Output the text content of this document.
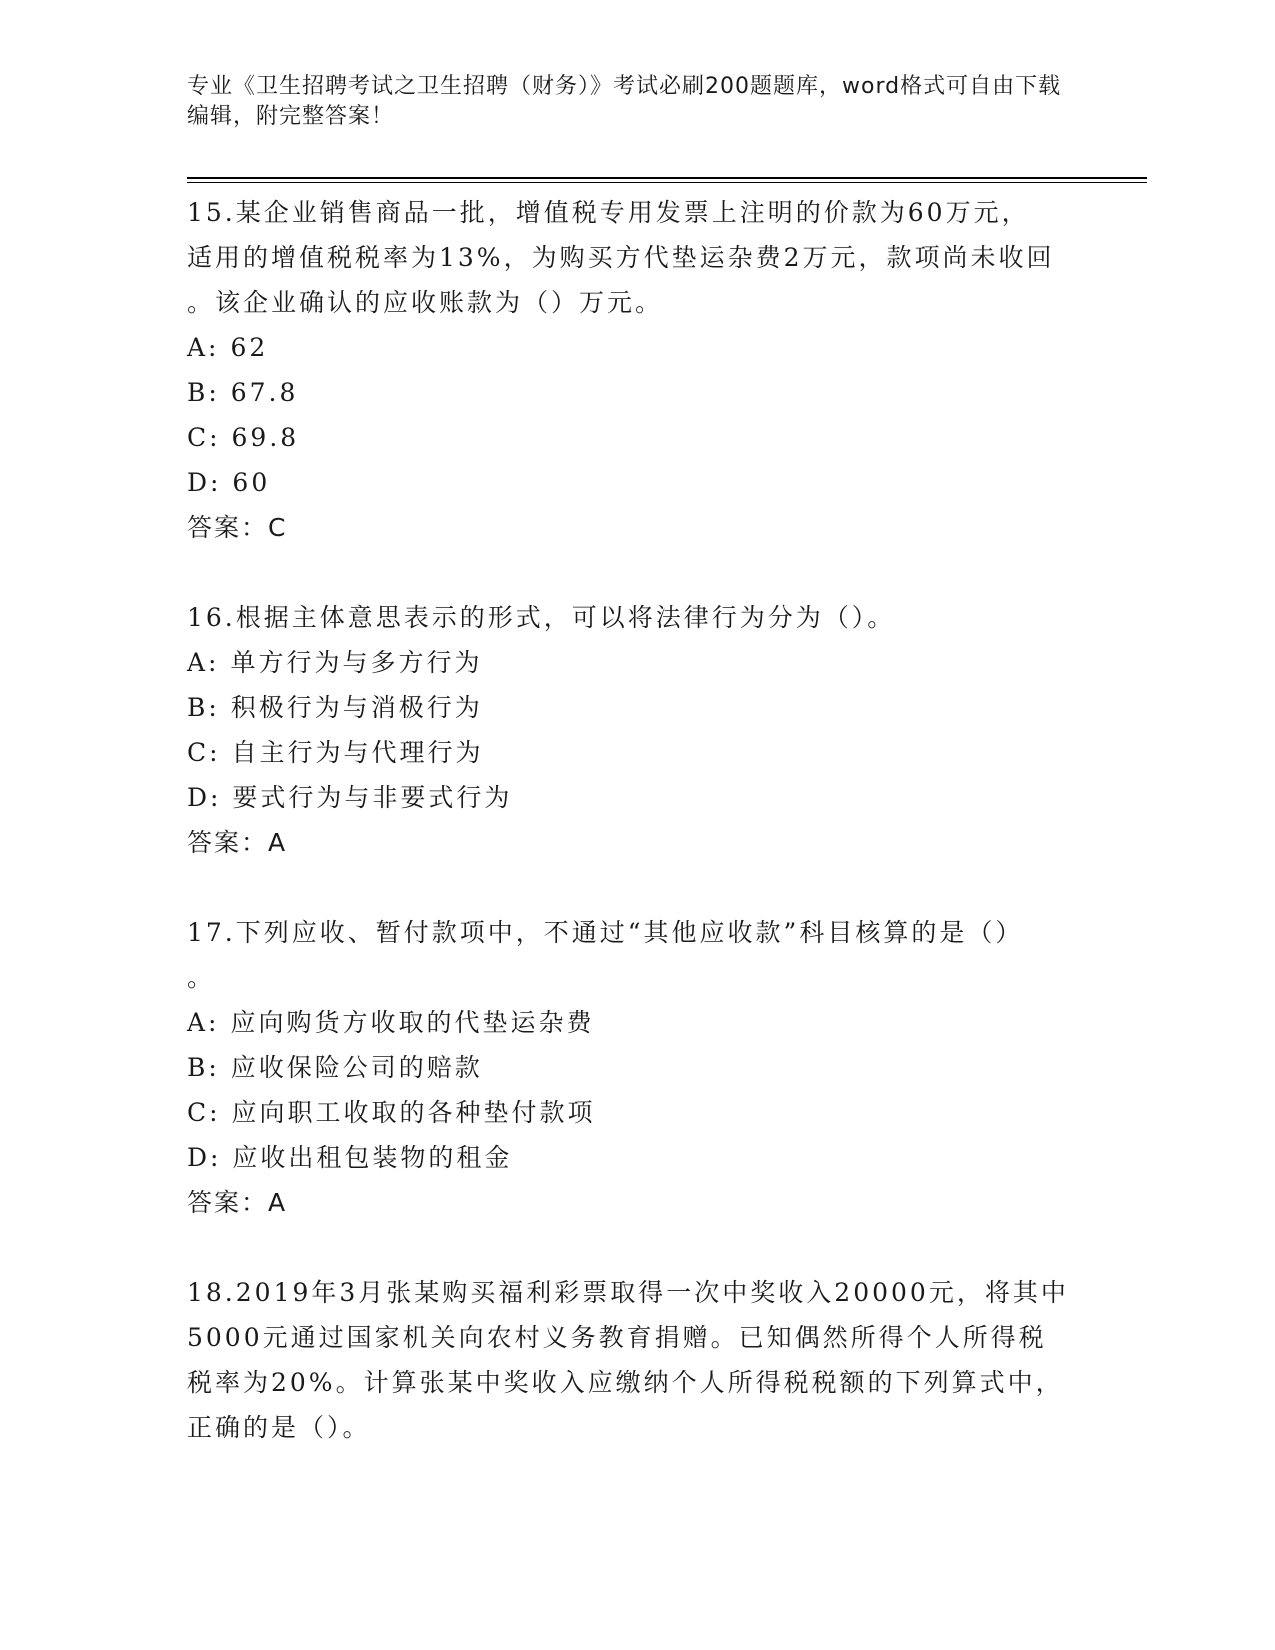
专业《卫生招聘考试之卫生招聘（财务）》考试必刷200题题库，word格式可自由下载编辑，附完整答案！
15.某企业销售商品一批，增值税专用发票上注明的价款为60万元，
适用的增值税税率为13%，为购买方代垫运杂费2万元，款项尚未收回
。该企业确认的应收账款为（）万元。
A:
62
B:
67.8
C:
69.8
D:
60
答案：C
16.根据主体意思表示的形式，可以将法律行为分为（）。
A:
单方行为与多方行为
B:
积极行为与消极行为
C:
自主行为与代理行为
D:
要式行为与非要式行为
答案：A
17.下列应收、暂付款项中，不通过“其他应收款”科目核算的是（）
。
A:
应向购货方收取的代垫运杂费
B:
应收保险公司的赔款
C:
应向职工收取的各种垫付款项
D:
应收出租包装物的租金
答案：A
18.2019年3月张某购买福利彩票取得一次中奖收入20000元，将其中
5000元通过国家机关向农村义务教育捐赠。已知偶然所得个人所得税
税率为20%。计算张某中奖收入应缴纳个人所得税税额的下列算式中，
正确的是（）。
